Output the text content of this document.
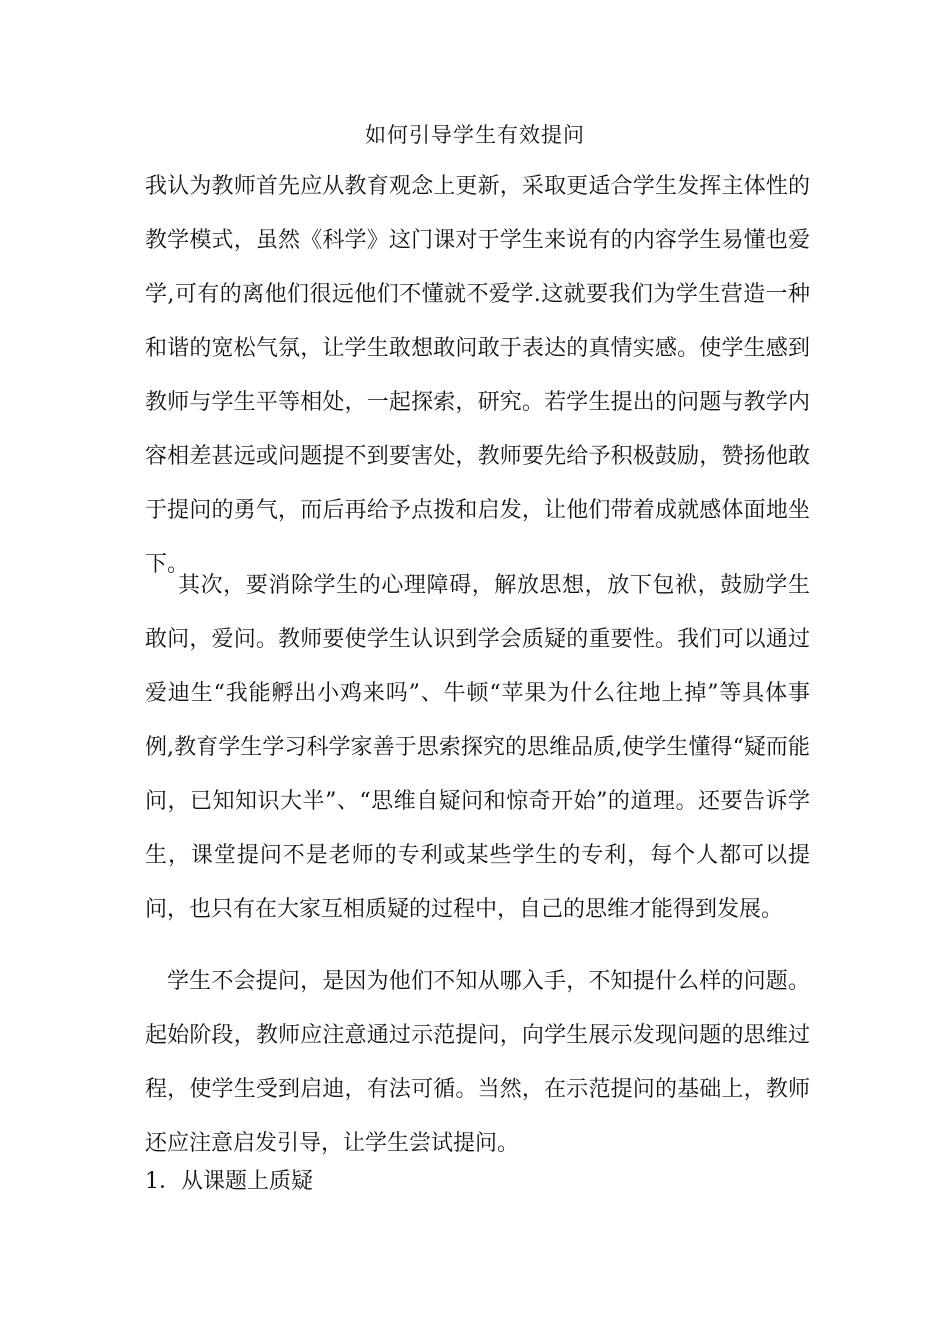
如何引导学生有效提问

我认为教师首先应从教育观念上更新，采取更适合学生发挥主体性的教学模式，虽然《科学》这门课对于学生来说有的内容学生易懂也爱学,可有的离他们很远他们不懂就不爱学.这就要我们为学生营造一种和谐的宽松气氛，让学生敢想敢问敢于表达的真情实感。使学生感到教师与学生平等相处，一起探索，研究。若学生提出的问题与教学内容相差甚远或问题提不到要害处，教师要先给予积极鼓励，赞扬他敢于提问的勇气，而后再给予点拨和启发，让他们带着成就感体面地坐下。

其次，要消除学生的心理障碍，解放思想，放下包袱，鼓励学生敢问，爱问。教师要使学生认识到学会质疑的重要性。我们可以通过爱迪生“我能孵出小鸡来吗”、牛顿“苹果为什么往地上掉”等具体事例,教育学生学习科学家善于思索探究的思维品质,使学生懂得“疑而能问，已知知识大半”、“思维自疑问和惊奇开始”的道理。还要告诉学生，课堂提问不是老师的专利或某些学生的专利，每个人都可以提问，也只有在大家互相质疑的过程中，自己的思维才能得到发展。

学生不会提问，是因为他们不知从哪入手，不知提什么样的问题。起始阶段，教师应注意通过示范提问，向学生展示发现问题的思维过程，使学生受到启迪，有法可循。当然，在示范提问的基础上，教师还应注意启发引导，让学生尝试提问。

1．从课题上质疑
